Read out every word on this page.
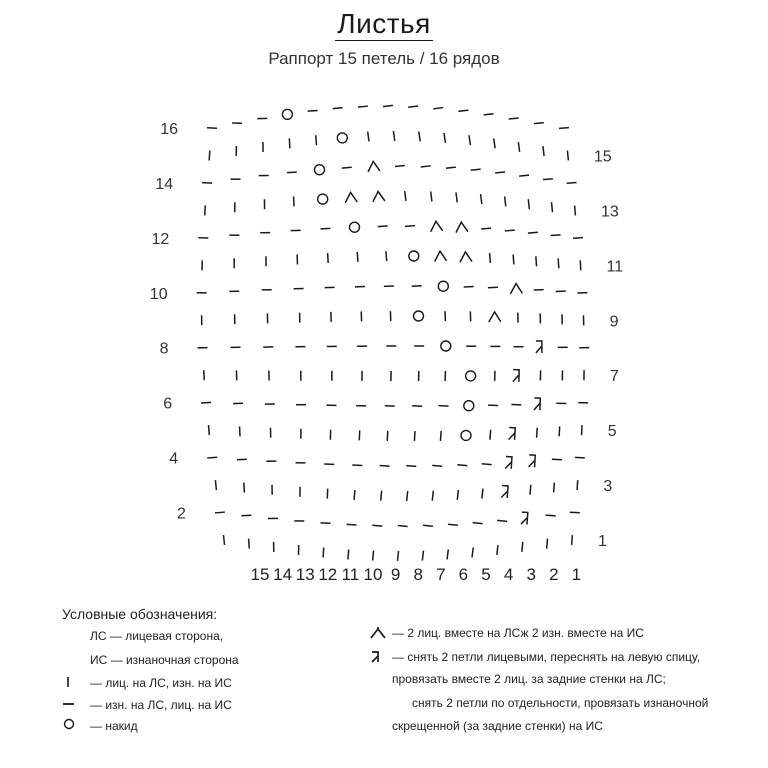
Листья
Раппорт 15 петель / 16 рядов
1
3
5
7
9
11
13
15
2
4
6
8
10
12
14
16
15 14 13 12 11 10 9 8 7 6 5 4 3 2 1
Условные обозначения:
ЛС — лицевая сторона,
ИС — изнаночная сторона
— лиц. на ЛС, изн. на ИС
— изн. на ЛС, лиц. на ИС
— накид
— 2 лиц. вместе на ЛСж 2 изн. вместе на ИС
— снять 2 петли лицевыми, переснять на левую спицу,
провязать вместе 2 лиц. за задние стенки на ЛС;
снять 2 петли по отдельности, провязать изнаночной
скрещенной (за задние стенки) на ИС
